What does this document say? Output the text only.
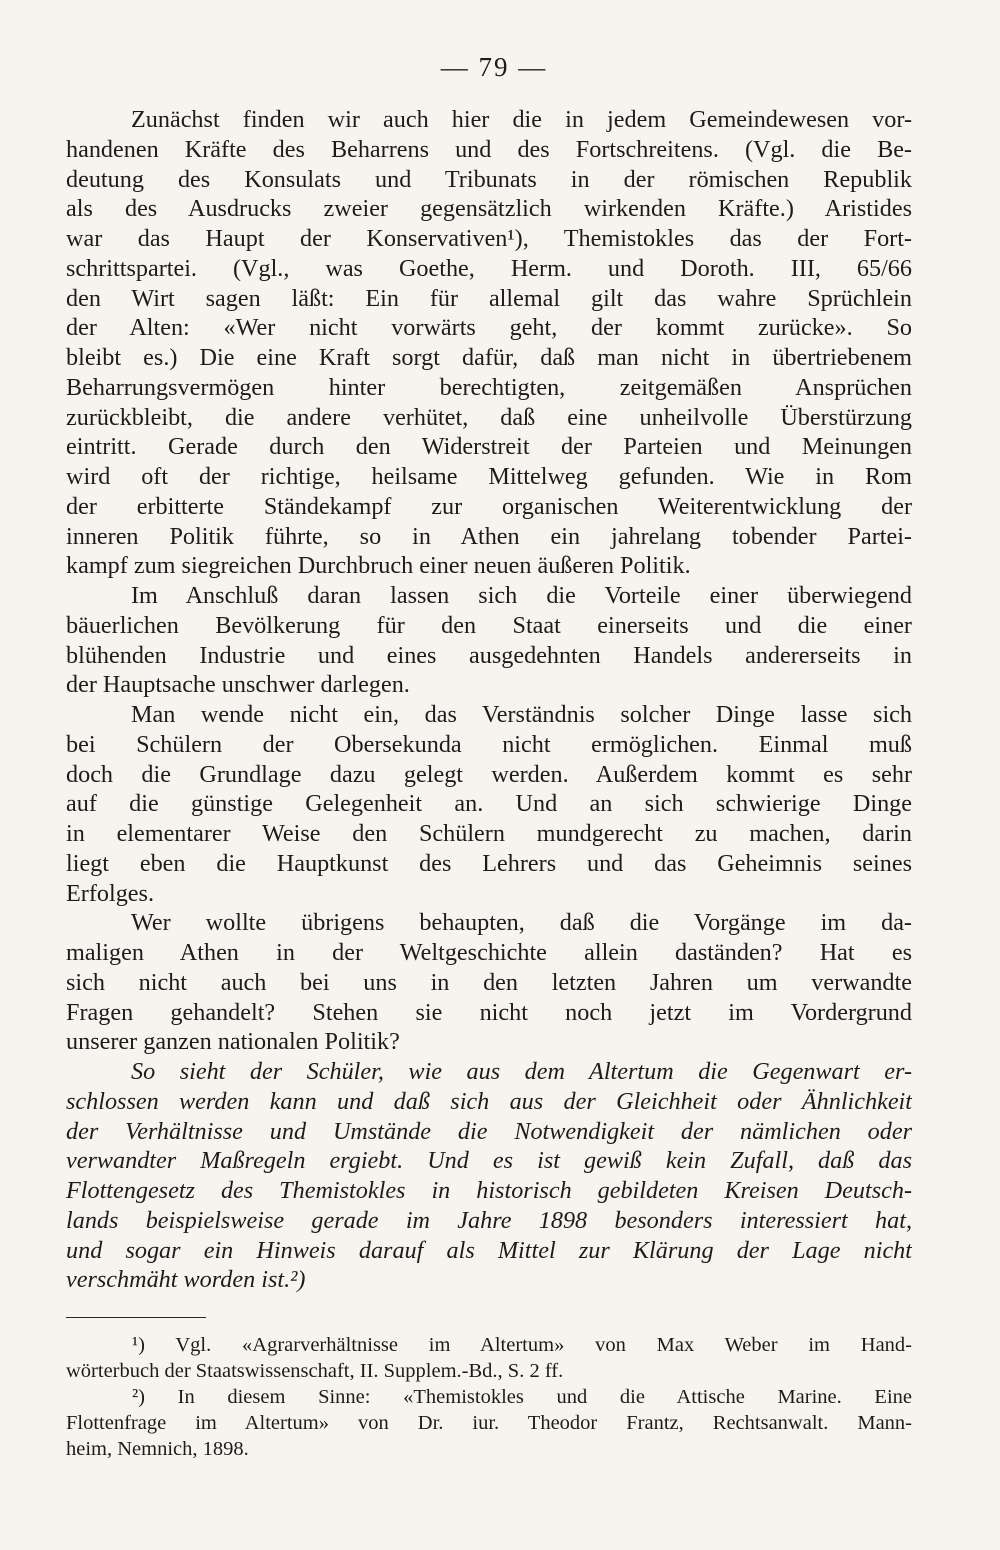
— 79 —
Zunächst finden wir auch hier die in jedem Gemeindewesen vor-
handenen Kräfte des Beharrens und des Fortschreitens. (Vgl. die Be-
deutung des Konsulats und Tribunats in der römischen Republik
als des Ausdrucks zweier gegensätzlich wirkenden Kräfte.) Aristides
war das Haupt der Konservativen¹), Themistokles das der Fort-
schrittspartei. (Vgl., was Goethe, Herm. und Doroth. III, 65/66
den Wirt sagen läßt: Ein für allemal gilt das wahre Sprüchlein
der Alten: «Wer nicht vorwärts geht, der kommt zurücke». So
bleibt es.) Die eine Kraft sorgt dafür, daß man nicht in übertriebenem
Beharrungsvermögen hinter berechtigten, zeitgemäßen Ansprüchen
zurückbleibt, die andere verhütet, daß eine unheilvolle Überstürzung
eintritt. Gerade durch den Widerstreit der Parteien und Meinungen
wird oft der richtige, heilsame Mittelweg gefunden. Wie in Rom
der erbitterte Ständekampf zur organischen Weiterentwicklung der
inneren Politik führte, so in Athen ein jahrelang tobender Partei-
kampf zum siegreichen Durchbruch einer neuen äußeren Politik.
Im Anschluß daran lassen sich die Vorteile einer überwiegend
bäuerlichen Bevölkerung für den Staat einerseits und die einer
blühenden Industrie und eines ausgedehnten Handels andererseits in
der Hauptsache unschwer darlegen.
Man wende nicht ein, das Verständnis solcher Dinge lasse sich
bei Schülern der Obersekunda nicht ermöglichen. Einmal muß
doch die Grundlage dazu gelegt werden. Außerdem kommt es sehr
auf die günstige Gelegenheit an. Und an sich schwierige Dinge
in elementarer Weise den Schülern mundgerecht zu machen, darin
liegt eben die Hauptkunst des Lehrers und das Geheimnis seines
Erfolges.
Wer wollte übrigens behaupten, daß die Vorgänge im da-
maligen Athen in der Weltgeschichte allein daständen? Hat es
sich nicht auch bei uns in den letzten Jahren um verwandte
Fragen gehandelt? Stehen sie nicht noch jetzt im Vordergrund
unserer ganzen nationalen Politik?
So sieht der Schüler, wie aus dem Altertum die Gegenwart er-
schlossen werden kann und daß sich aus der Gleichheit oder Ähnlichkeit
der Verhältnisse und Umstände die Notwendigkeit der nämlichen oder
verwandter Maßregeln ergiebt. Und es ist gewiß kein Zufall, daß das
Flottengesetz des Themistokles in historisch gebildeten Kreisen Deutsch-
lands beispielsweise gerade im Jahre 1898 besonders interessiert hat,
und sogar ein Hinweis darauf als Mittel zur Klärung der Lage nicht
verschmäht worden ist.²)
¹) Vgl. «Agrarverhältnisse im Altertum» von Max Weber im Hand-
wörterbuch der Staatswissenschaft, II. Supplem.-Bd., S. 2 ff.
²) In diesem Sinne: «Themistokles und die Attische Marine. Eine
Flottenfrage im Altertum» von Dr. iur. Theodor Frantz, Rechtsanwalt. Mann-
heim, Nemnich, 1898.
